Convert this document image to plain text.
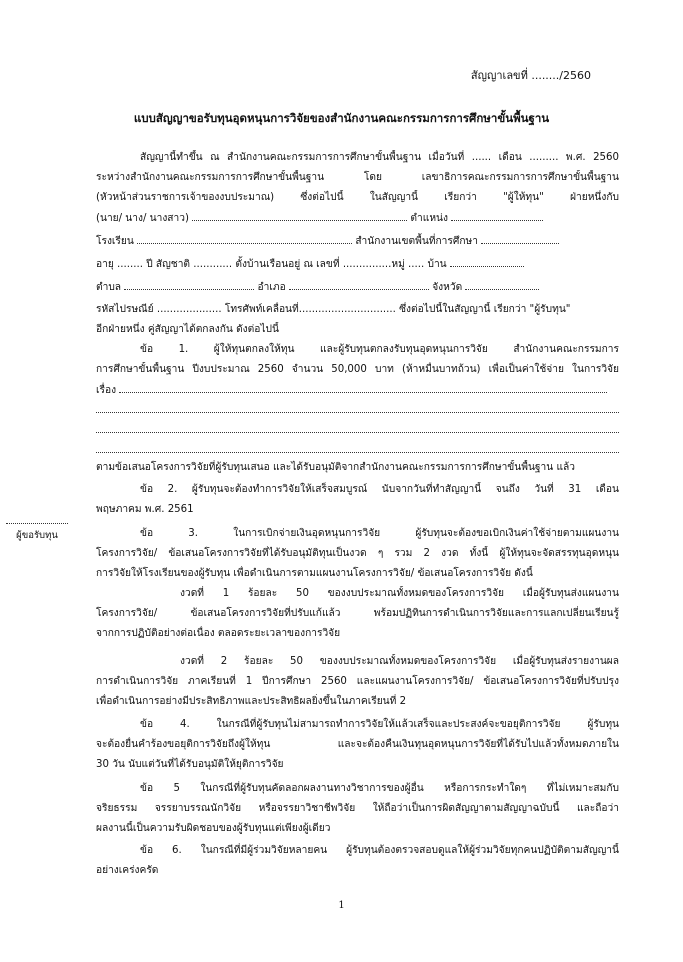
สัญญาเลขที่ ......../2560
แบบสัญญาขอรับทุนอุดหนุนการวิจัยของสำนักงานคณะกรรมการการศึกษาขั้นพื้นฐาน
สัญญานี้ทำขึ้น ณ สำนักงานคณะกรรมการการศึกษาขั้นพื้นฐาน เมื่อวันที่ ...... เดือน ......... พ.ศ. 2560
ระหว่างสำนักงานคณะกรรมการการศึกษาขั้นพื้นฐาน โดย เลขาธิการคณะกรรมการการศึกษาขั้นพื้นฐาน
(หัวหน้าส่วนราชการเจ้าของงบประมาณ) ซึ่งต่อไปนี้ ในสัญญานี้ เรียกว่า "ผู้ให้ทุน" ฝ่ายหนึ่งกับ
(นาย/ นาง/ นางสาว)	ตำแหน่ง
โรงเรียน	สำนักงานเขตพื้นที่การศึกษา
อายุ ........ ปี สัญชาติ ............ ตั้งบ้านเรือนอยู่ ณ เลขที่ ...............หมู่ ..... บ้าน
ตำบล	อำเภอ	จังหวัด
รหัสไปรษณีย์ .................... โทรศัพท์เคลื่อนที่.............................. ซึ่งต่อไปนี้ในสัญญานี้ เรียกว่า "ผู้รับทุน"
อีกฝ่ายหนึ่ง คู่สัญญาได้ตกลงกัน ดังต่อไปนี้
ข้อ 1. ผู้ให้ทุนตกลงให้ทุน และผู้รับทุนตกลงรับทุนอุดหนุนการวิจัย สำนักงานคณะกรรมการ
การศึกษาขั้นพื้นฐาน ปีงบประมาณ 2560 จำนวน 50,000 บาท (ห้าหมื่นบาทถ้วน) เพื่อเป็นค่าใช้จ่าย ในการวิจัย
เรื่อง
ตามข้อเสนอโครงการวิจัยที่ผู้รับทุนเสนอ และได้รับอนุมัติจากสำนักงานคณะกรรมการการศึกษาขั้นพื้นฐาน แล้ว
ข้อ 2. ผู้รับทุนจะต้องทำการวิจัยให้เสร็จสมบูรณ์ นับจากวันที่ทำสัญญานี้ จนถึง วันที่ 31 เดือน
พฤษภาคม พ.ศ. 2561
ผู้ขอรับทุน	ข้อ 3. ในการเบิกจ่ายเงินอุดหนุนการวิจัย ผู้รับทุนจะต้องขอเบิกเงินค่าใช้จ่ายตามแผนงาน
โครงการวิจัย/ ข้อเสนอโครงการวิจัยที่ได้รับอนุมัติทุนเป็นงวด ๆ รวม 2 งวด ทั้งนี้ ผู้ให้ทุนจะจัดสรรทุนอุดหนุน
การวิจัยให้โรงเรียนของผู้รับทุน เพื่อดำเนินการตามแผนงานโครงการวิจัย/ ข้อเสนอโครงการวิจัย ดังนี้
งวดที่ 1 ร้อยละ 50 ของงบประมาณทั้งหมดของโครงการวิจัย เมื่อผู้รับทุนส่งแผนงาน
โครงการวิจัย/ ข้อเสนอโครงการวิจัยที่ปรับแก้แล้ว พร้อมปฏิทินการดำเนินการวิจัยและการแลกเปลี่ยนเรียนรู้
จากการปฏิบัติอย่างต่อเนื่อง ตลอดระยะเวลาของการวิจัย
งวดที่ 2 ร้อยละ 50 ของงบประมาณทั้งหมดของโครงการวิจัย เมื่อผู้รับทุนส่งรายงานผล
การดำเนินการวิจัย ภาคเรียนที่ 1 ปีการศึกษา 2560 และแผนงานโครงการวิจัย/ ข้อเสนอโครงการวิจัยที่ปรับปรุง
เพื่อดำเนินการอย่างมีประสิทธิภาพและประสิทธิผลยิ่งขึ้นในภาคเรียนที่ 2
ข้อ 4. ในกรณีที่ผู้รับทุนไม่สามารถทำการวิจัยให้แล้วเสร็จและประสงค์จะขอยุติการวิจัย ผู้รับทุน
จะต้องยื่นคำร้องขอยุติการวิจัยถึงผู้ให้ทุน และจะต้องคืนเงินทุนอุดหนุนการวิจัยที่ได้รับไปแล้วทั้งหมดภายใน
30 วัน นับแต่วันที่ได้รับอนุมัติให้ยุติการวิจัย
ข้อ 5 ในกรณีที่ผู้รับทุนคัดลอกผลงานทางวิชาการของผู้อื่น หรือการกระทำใดๆ ที่ไม่เหมาะสมกับ
จริยธรรม จรรยาบรรณนักวิจัย หรือจรรยาวิชาชีพวิจัย ให้ถือว่าเป็นการผิดสัญญาตามสัญญาฉบับนี้ และถือว่า
ผลงานนี้เป็นความรับผิดชอบของผู้รับทุนแต่เพียงผู้เดียว
ข้อ 6. ในกรณีที่มีผู้ร่วมวิจัยหลายคน ผู้รับทุนต้องตรวจสอบดูแลให้ผู้ร่วมวิจัยทุกคนปฏิบัติตามสัญญานี้
อย่างเคร่งครัด
1
